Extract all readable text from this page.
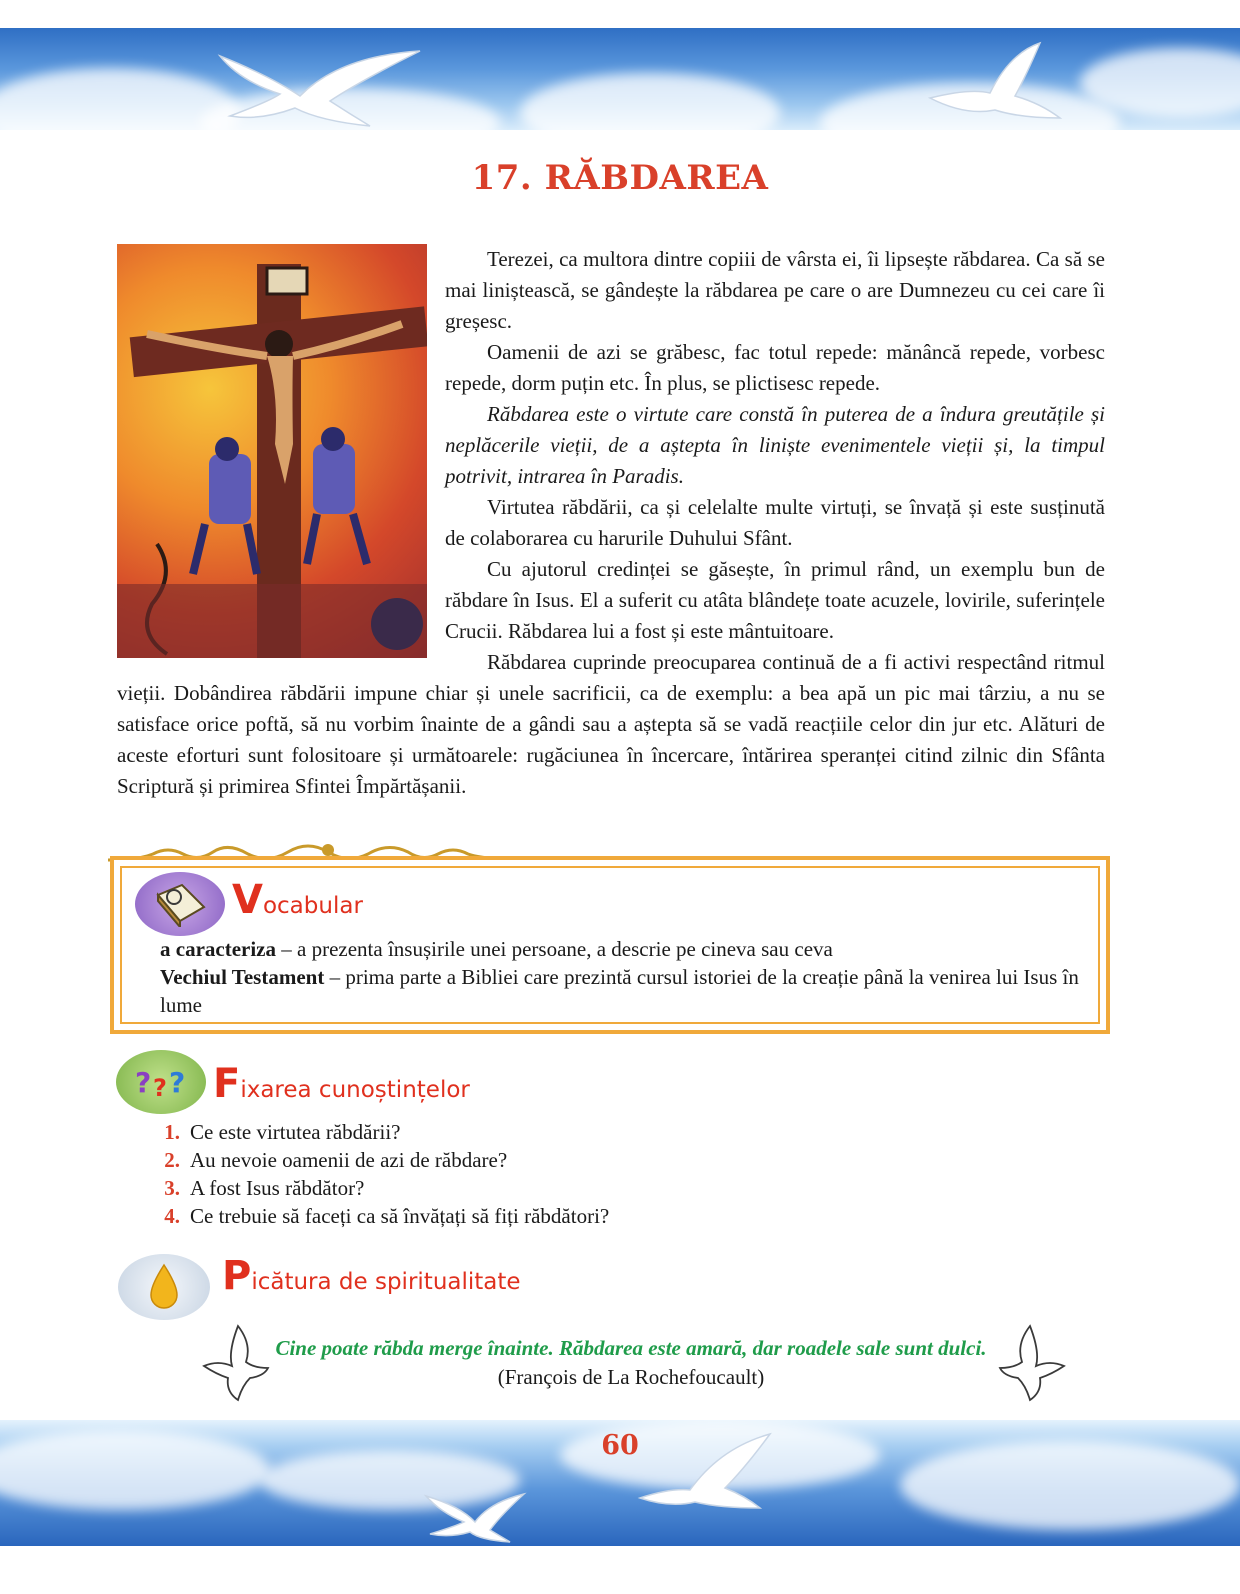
17. RĂBDAREA

Terezei, ca multora dintre copiii de vârsta ei, îi lipsește răbdarea. Ca să se mai liniștească, se gândește la răbdarea pe care o are Dumnezeu cu cei care îi greșesc.

Oamenii de azi se grăbesc, fac totul repede: mănâncă repede, vorbesc repede, dorm puțin etc. În plus, se plictisesc repede.

Răbdarea este o virtute care constă în puterea de a îndura greutățile și neplăcerile vieții, de a aștepta în liniște evenimentele vieții și, la timpul potrivit, intrarea în Paradis.

Virtutea răbdării, ca și celelalte multe virtuți, se învață și este susținută de colaborarea cu harurile Duhului Sfânt.

Cu ajutorul credinței se găsește, în primul rând, un exemplu bun de răbdare în Isus. El a suferit cu atâta blândețe toate acuzele, lovirile, suferințele Crucii. Răbdarea lui a fost și este mântuitoare.

Răbdarea cuprinde preocuparea continuă de a fi activi respectând ritmul vieții. Dobândirea răbdării impune chiar și unele sacrificii, ca de exemplu: a bea apă un pic mai târziu, a nu se satisface orice poftă, să nu vorbim înainte de a gândi sau a aștepta să se vadă reacțiile celor din jur etc. Alături de aceste eforturi sunt folositoare și următoarele: rugăciunea în încercare, întărirea speranței citind zilnic din Sfânta Scriptură și primirea Sfintei Împărtășanii.

Vocabular

a caracteriza – a prezenta însușirile unei persoane, a descrie pe cineva sau ceva

Vechiul Testament – prima parte a Bibliei care prezintă cursul istoriei de la creație până la venirea lui Isus în lume

? ? ? Fixarea cunoștințelor
1. Ce este virtutea răbdării?
2. Au nevoie oamenii de azi de răbdare?
3. A fost Isus răbdător?
4. Ce trebuie să faceți ca să învățați să fiți răbdători?
Picătura de spiritualitate

Cine poate răbda merge înainte. Răbdarea este amară, dar roadele sale sunt dulci. (François de La Rochefoucault)

60
